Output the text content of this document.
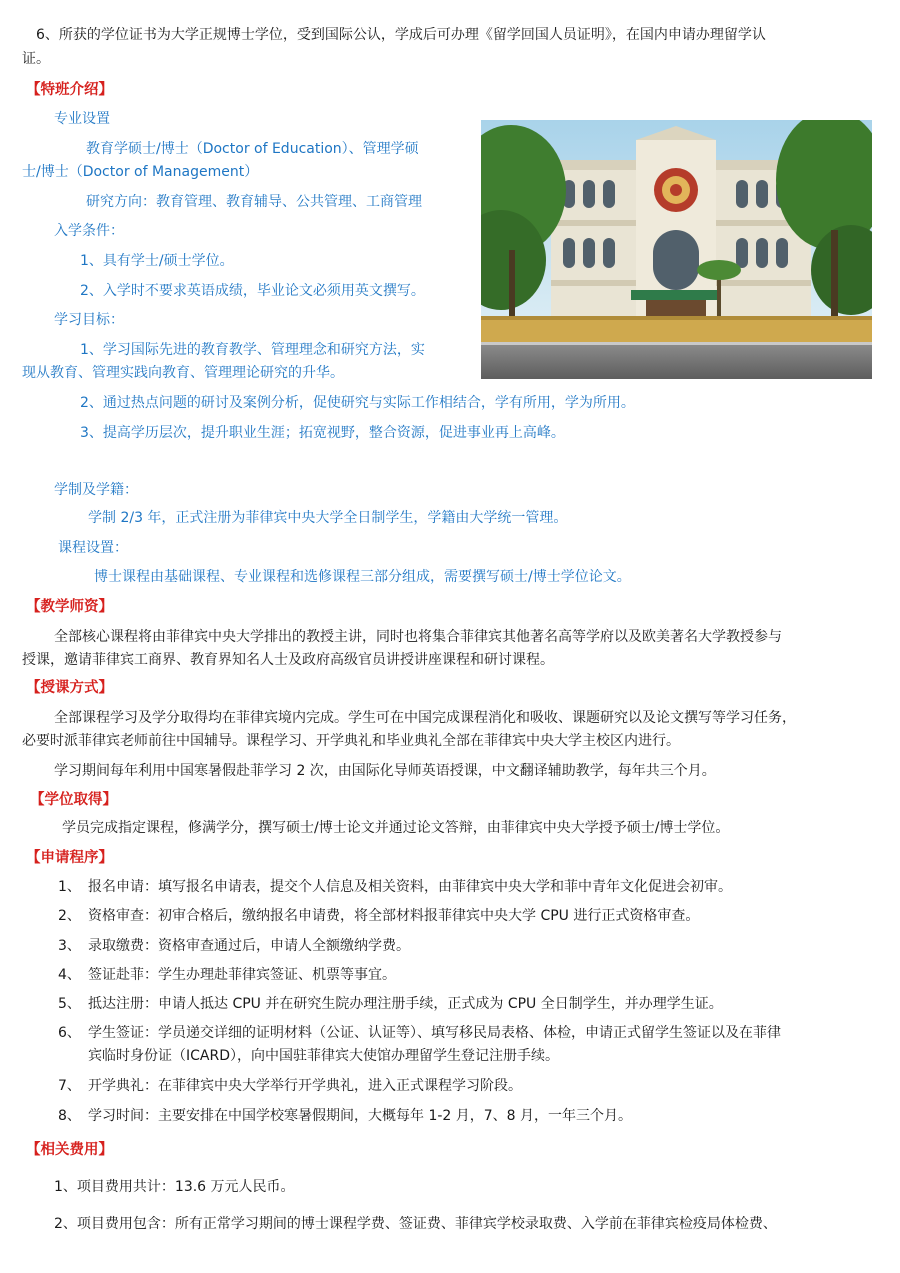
6、所获的学位证书为大学正规博士学位，受到国际公认，学成后可办理《留学回国人员证明》，在国内申请办理留学认
证。
【特班介绍】
专业设置
教育学硕士/博士（Doctor of Education）、管理学硕
士/博士（Doctor of Management）
研究方向：教育管理、教育辅导、公共管理、工商管理
入学条件：
1、具有学士/硕士学位。
2、入学时不要求英语成绩，毕业论文必须用英文撰写。
学习目标：
1、学习国际先进的教育教学、管理理念和研究方法，实
现从教育、管理实践向教育、管理理论研究的升华。
2、通过热点问题的研讨及案例分析，促使研究与实际工作相结合，学有所用，学为所用。
3、提高学历层次，提升职业生涯；拓宽视野，整合资源，促进事业再上高峰。
学制及学籍：
学制 2/3 年，正式注册为菲律宾中央大学全日制学生，学籍由大学统一管理。
课程设置：
博士课程由基础课程、专业课程和选修课程三部分组成，需要撰写硕士/博士学位论文。
【教学师资】
全部核心课程将由菲律宾中央大学排出的教授主讲，同时也将集合菲律宾其他著名高等学府以及欧美著名大学教授参与
授课，邀请菲律宾工商界、教育界知名人士及政府高级官员讲授讲座课程和研讨课程。
【授课方式】
全部课程学习及学分取得均在菲律宾境内完成。学生可在中国完成课程消化和吸收、课题研究以及论文撰写等学习任务，
必要时派菲律宾老师前往中国辅导。课程学习、开学典礼和毕业典礼全部在菲律宾中央大学主校区内进行。
学习期间每年利用中国寒暑假赴菲学习 2 次，由国际化导师英语授课，中文翻译辅助教学，每年共三个月。
【学位取得】
学员完成指定课程，修满学分，撰写硕士/博士论文并通过论文答辩，由菲律宾中央大学授予硕士/博士学位。
【申请程序】
1、 报名申请：填写报名申请表，提交个人信息及相关资料，由菲律宾中央大学和菲中青年文化促进会初审。
2、 资格审查：初审合格后，缴纳报名申请费，将全部材料报菲律宾中央大学 CPU 进行正式资格审查。
3、 录取缴费：资格审查通过后，申请人全额缴纳学费。
4、 签证赴菲：学生办理赴菲律宾签证、机票等事宜。
5、 抵达注册：申请人抵达 CPU 并在研究生院办理注册手续，正式成为 CPU 全日制学生，并办理学生证。
6、 学生签证：学员递交详细的证明材料（公证、认证等）、填写移民局表格、体检，申请正式留学生签证以及在菲律
宾临时身份证（ICARD），向中国驻菲律宾大使馆办理留学生登记注册手续。
7、 开学典礼：在菲律宾中央大学举行开学典礼，进入正式课程学习阶段。
8、 学习时间：主要安排在中国学校寒暑假期间，大概每年 1-2 月，7、8 月，一年三个月。
【相关费用】
1、项目费用共计：13.6 万元人民币。
2、项目费用包含：所有正常学习期间的博士课程学费、签证费、菲律宾学校录取费、入学前在菲律宾检疫局体检费、
